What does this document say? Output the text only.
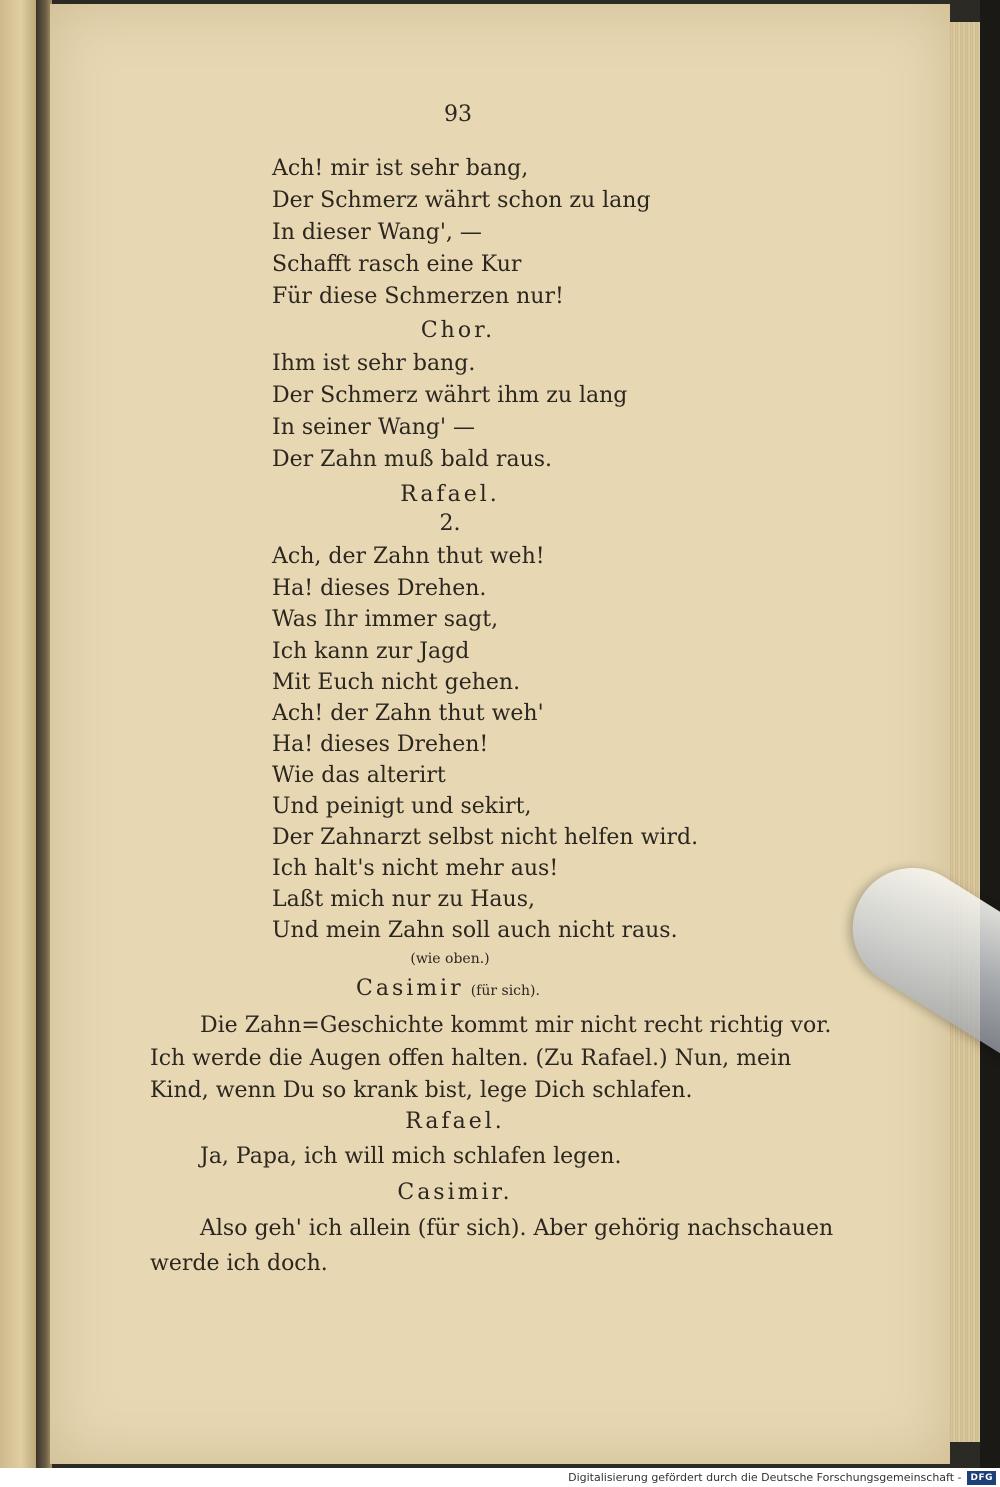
93
Ach! mir ist sehr bang,
Der Schmerz währt schon zu lang
In dieser Wang', —
Schafft rasch eine Kur
Für diese Schmerzen nur!
Chor.
Ihm ist sehr bang.
Der Schmerz währt ihm zu lang
In seiner Wang' —
Der Zahn muß bald raus.
Rafael.
2.
Ach, der Zahn thut weh!
Ha! dieses Drehen.
Was Ihr immer sagt,
Ich kann zur Jagd
Mit Euch nicht gehen.
Ach! der Zahn thut weh'
Ha! dieses Drehen!
Wie das alterirt
Und peinigt und sekirt,
Der Zahnarzt selbst nicht helfen wird.
Ich halt's nicht mehr aus!
Laßt mich nur zu Haus,
Und mein Zahn soll auch nicht raus.
(wie oben.)
Casimir (für sich).
Die Zahn=Geschichte kommt mir nicht recht richtig vor.
Ich werde die Augen offen halten. (Zu Rafael.) Nun, mein
Kind, wenn Du so krank bist, lege Dich schlafen.
Rafael.
Ja, Papa, ich will mich schlafen legen.
Casimir.
Also geh' ich allein (für sich). Aber gehörig nachschauen
werde ich doch.
Digitalisierung gefördert durch die Deutsche Forschungsgemeinschaft - DFG
